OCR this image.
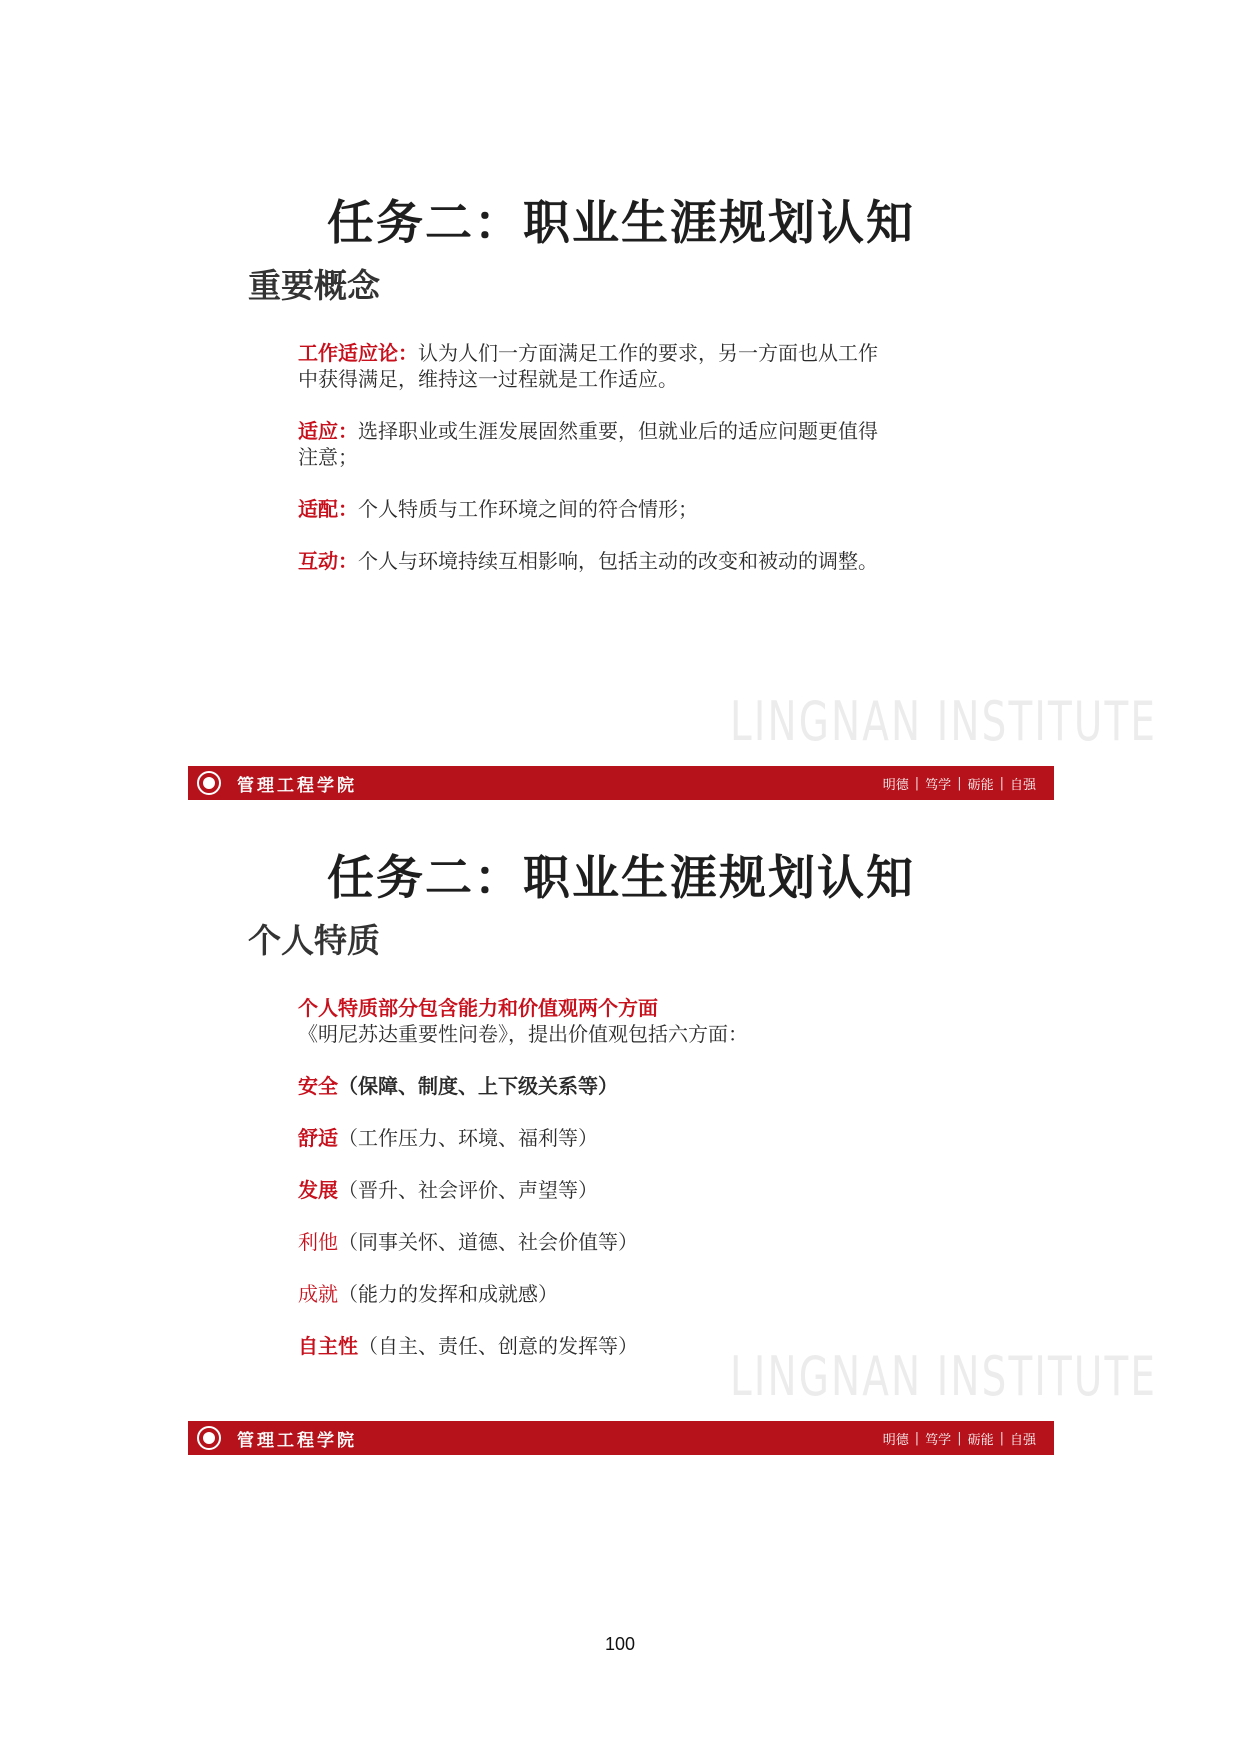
任务二：职业生涯规划认知
重要概念

工作适应论：认为人们一方面满足工作的要求，另一方面也从工作中获得满足，维持这一过程就是工作适应。

适应：选择职业或生涯发展固然重要，但就业后的适应问题更值得注意；

适配：个人特质与工作环境之间的符合情形；

互动：个人与环境持续互相影响，包括主动的改变和被动的调整。

LINGNAN INSTITUTE
管理工程学院	明德 | 笃学 | 砺能 | 自强
任务二：职业生涯规划认知
个人特质

个人特质部分包含能力和价值观两个方面
《明尼苏达重要性问卷》，提出价值观包括六方面：

安全（保障、制度、上下级关系等）

舒适（工作压力、环境、福利等）

发展（晋升、社会评价、声望等）

利他（同事关怀、道德、社会价值等）

成就（能力的发挥和成就感）

自主性（自主、责任、创意的发挥等）	LINGNAN INSTITUTE
管理工程学院	明德 | 笃学 | 砺能 | 自强
100
